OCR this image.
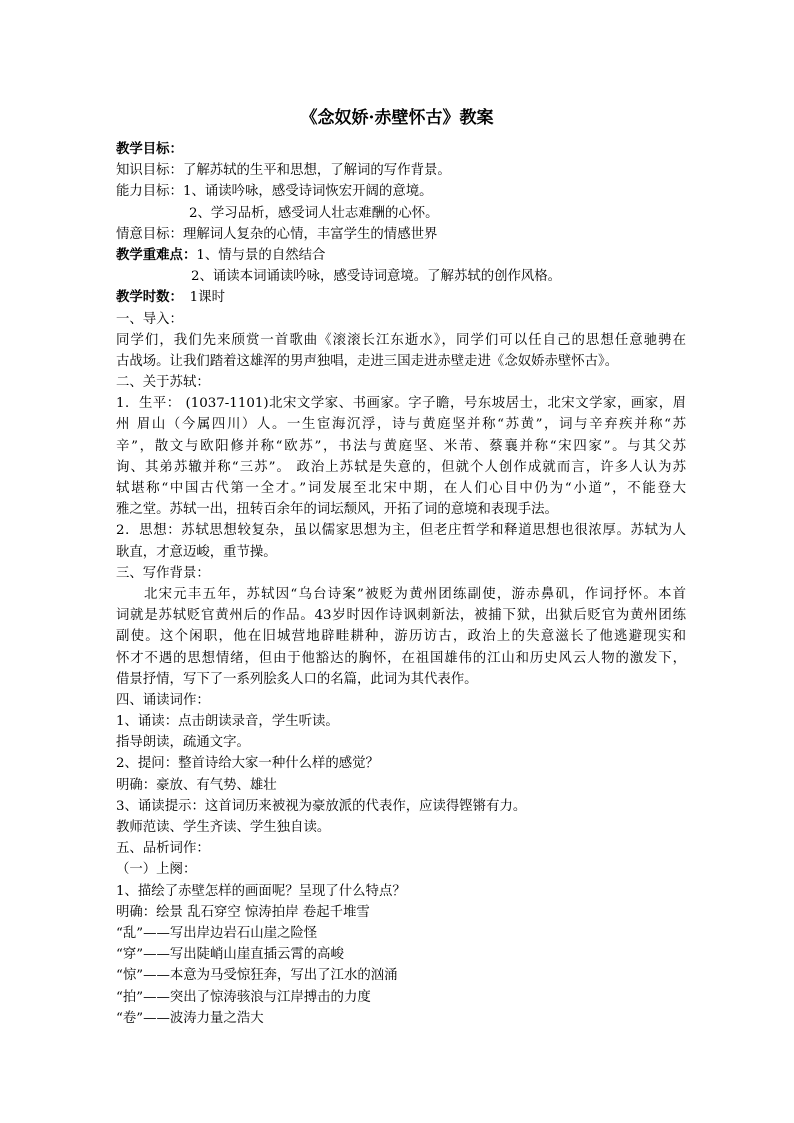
《念奴娇·赤壁怀古》教案
教学目标：
知识目标：了解苏轼的生平和思想，了解词的写作背景。
能力目标：1、诵读吟咏，感受诗词恢宏开阔的意境。
2、学习品析，感受词人壮志难酬的心怀。
情意目标：理解词人复杂的心情，丰富学生的情感世界
教学重难点：1、情与景的自然结合
2、诵读本词诵读吟咏，感受诗词意境。了解苏轼的创作风格。
教学时数：　1课时
一、导入：
同学们，我们先来颀赏一首歌曲《滚滚长江东逝水》，同学们可以任自己的思想任意驰骋在
古战场。让我们踏着这雄浑的男声独唱，走进三国走进赤壁走进《念奴娇赤壁怀古》。
二、关于苏轼：
1．生平： (1037-1101)北宋文学家、书画家。字子瞻，号东坡居士，北宋文学家，画家，眉
州 眉山（今属四川）人。一生宦海沉浮，诗与黄庭坚并称“苏黄”，词与辛弃疾并称“苏
辛”，散文与欧阳修并称“欧苏”，书法与黄庭坚、米芾、蔡襄并称“宋四家”。与其父苏
询、其弟苏辙并称“三苏”。 政治上苏轼是失意的，但就个人创作成就而言，许多人认为苏
轼堪称“中国古代第一全才。”词发展至北宋中期，在人们心目中仍为“小道”，不能登大
雅之堂。苏轼一出，扭转百余年的词坛颓风，开拓了词的意境和表现手法。
2．思想：苏轼思想较复杂，虽以儒家思想为主，但老庄哲学和释道思想也很浓厚。苏轼为人
耿直，才意迈峻，重节操。
三、写作背景：
北宋元丰五年，苏轼因“乌台诗案”被贬为黄州团练副使，游赤鼻矶，作词抒怀。本首
词就是苏轼贬官黄州后的作品。43岁时因作诗讽刺新法，被捕下狱，出狱后贬官为黄州团练
副使。这个闲职，他在旧城营地辟畦耕种，游历访古，政治上的失意滋长了他逃避现实和
怀才不遇的思想情绪，但由于他豁达的胸怀，在祖国雄伟的江山和历史风云人物的激发下，
借景抒情，写下了一系列脍炙人口的名篇，此词为其代表作。
四、诵读词作：
1、诵读：点击朗读录音，学生听读。
指导朗读，疏通文字。
2、提问：整首诗给大家一种什么样的感觉？
明确：豪放、有气势、雄壮
3、诵读提示：这首词历来被视为豪放派的代表作，应读得铿锵有力。
教师范读、学生齐读、学生独自读。
五、品析词作：
（一）上阕：
1、描绘了赤壁怎样的画面呢？呈现了什么特点？
明确：绘景 乱石穿空 惊涛拍岸 卷起千堆雪
“乱”——写出岸边岩石山崖之险怪
“穿”——写出陡峭山崖直插云霄的高峻
“惊”——本意为马受惊狂奔，写出了江水的汹涌
“拍”——突出了惊涛骇浪与江岸搏击的力度
“卷”——波涛力量之浩大
